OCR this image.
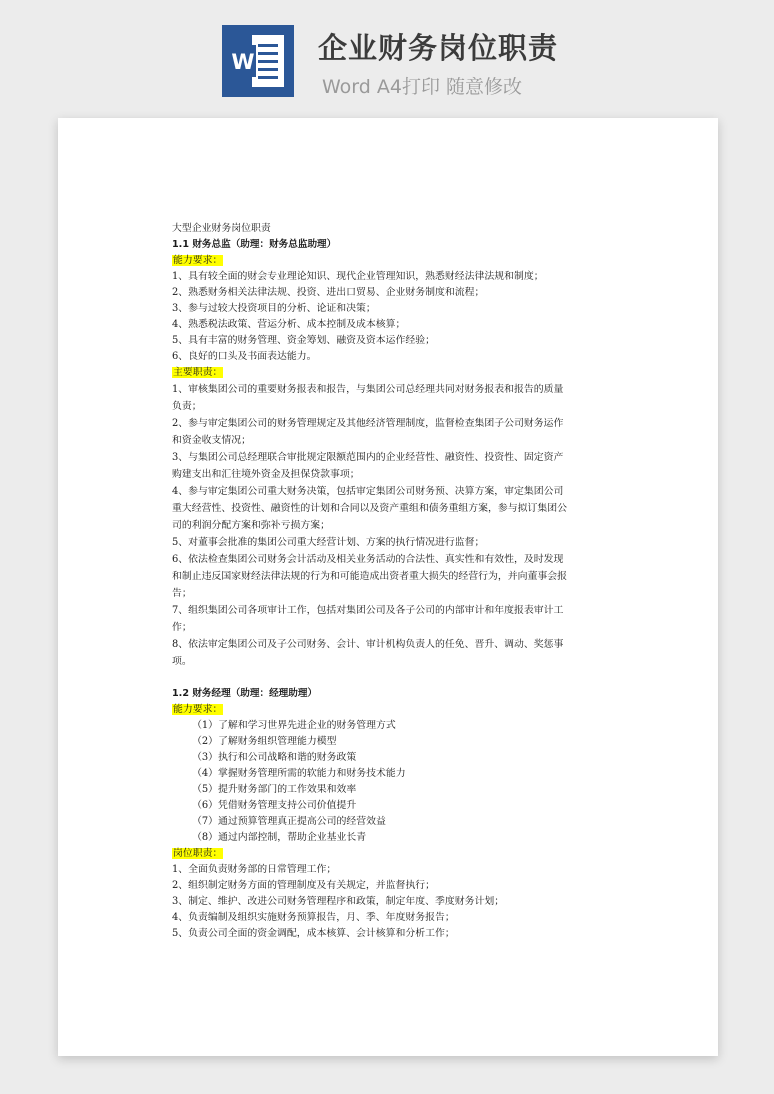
W 企业财务岗位职责
Word A4打印 随意修改
大型企业财务岗位职责
1.1 财务总监（助理：财务总监助理）
能力要求：
1、具有较全面的财会专业理论知识、现代企业管理知识，熟悉财经法律法规和制度；
2、熟悉财务相关法律法规、投资、进出口贸易、企业财务制度和流程；
3、参与过较大投资项目的分析、论证和决策；
4、熟悉税法政策、营运分析、成本控制及成本核算；
5、具有丰富的财务管理、资金筹划、融资及资本运作经验；
6、良好的口头及书面表达能力。
主要职责：
1、审核集团公司的重要财务报表和报告，与集团公司总经理共同对财务报表和报告的质量
负责；
2、参与审定集团公司的财务管理规定及其他经济管理制度，监督检查集团子公司财务运作
和资金收支情况；
3、与集团公司总经理联合审批规定限额范围内的企业经营性、融资性、投资性、固定资产
购建支出和汇往境外资金及担保贷款事项；
4、参与审定集团公司重大财务决策，包括审定集团公司财务预、决算方案，审定集团公司
重大经营性、投资性、融资性的计划和合同以及资产重组和债务重组方案，参与拟订集团公
司的利润分配方案和弥补亏损方案；
5、对董事会批准的集团公司重大经营计划、方案的执行情况进行监督；
6、依法检查集团公司财务会计活动及相关业务活动的合法性、真实性和有效性，及时发现
和制止违反国家财经法律法规的行为和可能造成出资者重大损失的经营行为，并向董事会报
告；
7、组织集团公司各项审计工作，包括对集团公司及各子公司的内部审计和年度报表审计工
作；
8、依法审定集团公司及子公司财务、会计、审计机构负责人的任免、晋升、调动、奖惩事
项。
1.2 财务经理（助理：经理助理）
能力要求：
（1）了解和学习世界先进企业的财务管理方式
（2）了解财务组织管理能力模型
（3）执行和公司战略和谐的财务政策
（4）掌握财务管理所需的软能力和财务技术能力
（5）提升财务部门的工作效果和效率
（6）凭借财务管理支持公司价值提升
（7）通过预算管理真正提高公司的经营效益
（8）通过内部控制，帮助企业基业长青
岗位职责：
1、全面负责财务部的日常管理工作；
2、组织制定财务方面的管理制度及有关规定，并监督执行；
3、制定、维护、改进公司财务管理程序和政策，制定年度、季度财务计划；
4、负责编制及组织实施财务预算报告，月、季、年度财务报告；
5、负责公司全面的资金调配，成本核算、会计核算和分析工作；
